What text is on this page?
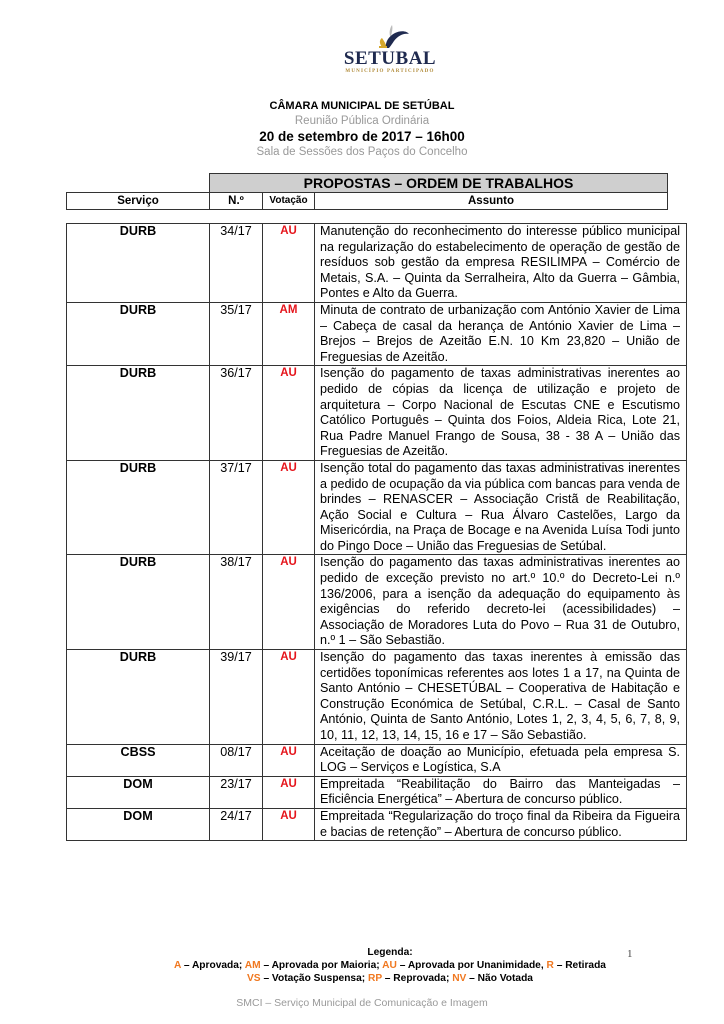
SETUBAL
MUNICÍPIO PARTICIPADO
CÂMARA MUNICIPAL DE SETÚBAL
Reunião Pública Ordinária
20 de setembro de 2017 – 16h00
Sala de Sessões dos Paços do Concelho
	PROPOSTAS – ORDEM DE TRABALHOS		
Serviço	N.º	Votação	Assunto
DURB	34/17	AU	Manutenção do reconhecimento do interesse público municipal na regularização do estabelecimento de operação de gestão de resíduos sob gestão da empresa RESILIMPA – Comércio de Metais, S.A. – Quinta da Serralheira, Alto da Guerra – Gâmbia, Pontes e Alto da Guerra.
DURB	35/17	AM	Minuta de contrato de urbanização com António Xavier de Lima – Cabeça de casal da herança de António Xavier de Lima – Brejos – Brejos de Azeitão E.N. 10 Km 23,820 – União de Freguesias de Azeitão.
DURB	36/17	AU	Isenção do pagamento de taxas administrativas inerentes ao pedido de cópias da licença de utilização e projeto de arquitetura – Corpo Nacional de Escutas CNE e Escutismo Católico Português – Quinta dos Foios, Aldeia Rica, Lote 21, Rua Padre Manuel Frango de Sousa, 38 - 38 A – União das Freguesias de Azeitão.
DURB	37/17	AU	Isenção total do pagamento das taxas administrativas inerentes a pedido de ocupação da via pública com bancas para venda de brindes – RENASCER – Associação Cristã de Reabilitação, Ação Social e Cultura – Rua Álvaro Castelões, Largo da Misericórdia, na Praça de Bocage e na Avenida Luísa Todi junto do Pingo Doce – União das Freguesias de Setúbal.
DURB	38/17	AU	Isenção do pagamento das taxas administrativas inerentes ao pedido de exceção previsto no art.º 10.º do Decreto-Lei n.º 136/2006, para a isenção da adequação do equipamento às exigências do referido decreto-lei (acessibilidades) – Associação de Moradores Luta do Povo – Rua 31 de Outubro, n.º 1 – São Sebastião.
DURB	39/17	AU	Isenção do pagamento das taxas inerentes à emissão das certidões toponímicas referentes aos lotes 1 a 17, na Quinta de Santo António – CHESETÚBAL – Cooperativa de Habitação e Construção Económica de Setúbal, C.R.L. – Casal de Santo António, Quinta de Santo António, Lotes 1, 2, 3, 4, 5, 6, 7, 8, 9, 10, 11, 12, 13, 14, 15, 16 e 17 – São Sebastião.
CBSS	08/17	AU	Aceitação de doação ao Município, efetuada pela empresa S. LOG – Serviços e Logística, S.A
DOM	23/17	AU	Empreitada “Reabilitação do Bairro das Manteigadas – Eficiência Energética” – Abertura de concurso público.
DOM	24/17	AU	Empreitada “Regularização do troço final da Ribeira da Figueira e bacias de retenção” – Abertura de concurso público.
Legenda:
A – Aprovada; AM – Aprovada por Maioria; AU – Aprovada por Unanimidade, R – Retirada
VS – Votação Suspensa; RP – Reprovada; NV – Não Votada
1
SMCI – Serviço Municipal de Comunicação e Imagem
